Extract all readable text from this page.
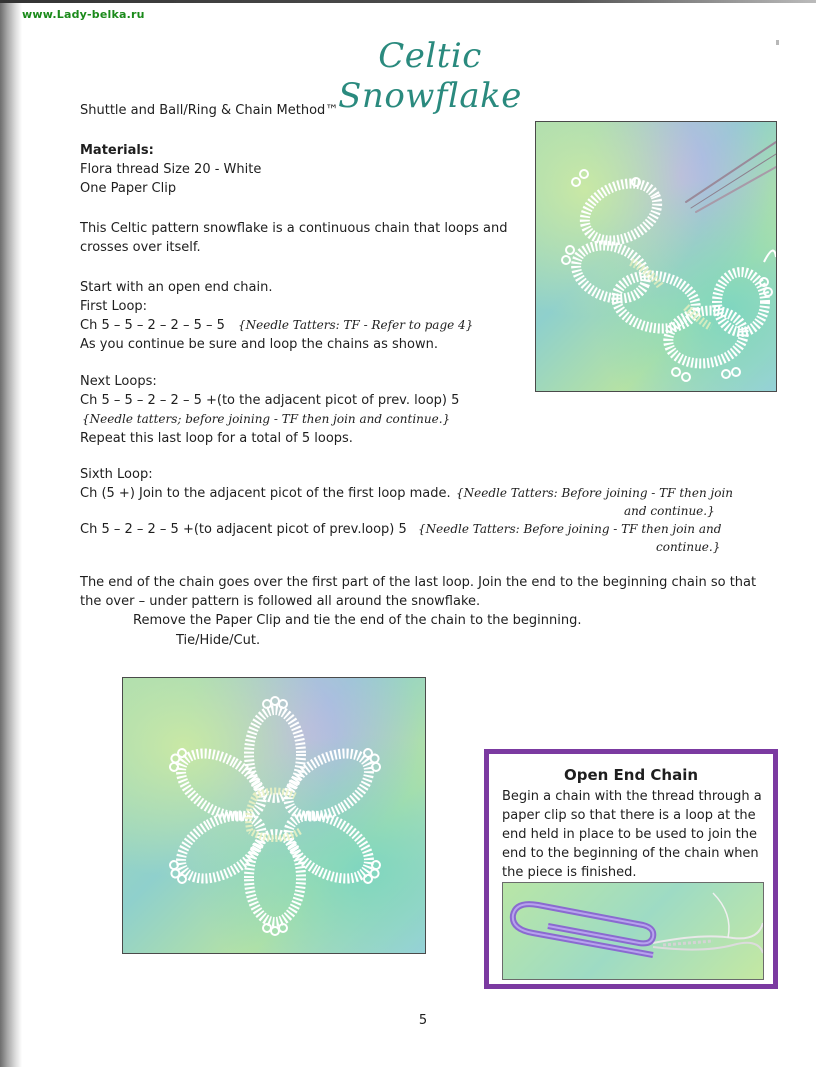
www.Lady-belka.ru
Celtic Snowflake
Shuttle and Ball/Ring & Chain Method™
Materials:
Flora thread Size 20 - White
One Paper Clip
This Celtic pattern snowflake is a continuous chain that loops and
crosses over itself.
Start with an open end chain.
First Loop:
Ch 5 – 5 – 2 – 2 – 5 – 5 {Needle Tatters: TF - Refer to page 4}
As you continue be sure and loop the chains as shown.
Next Loops:
Ch 5 – 5 – 2 – 2 – 5 +(to the adjacent picot of prev. loop) 5
{Needle tatters; before joining - TF then join and continue.}
Repeat this last loop for a total of 5 loops.
Sixth Loop:
Ch (5 +) Join to the adjacent picot of the first loop made. {Needle Tatters: Before joining - TF then join
and continue.}
Ch 5 – 2 – 2 – 5 +(to adjacent picot of prev.loop) 5 {Needle Tatters: Before joining - TF then join and
continue.}
The end of the chain goes over the first part of the last loop. Join the end to the beginning chain so that
the over – under pattern is followed all around the snowflake.
Remove the Paper Clip and tie the end of the chain to the beginning.
Tie/Hide/Cut.
Open End Chain
Begin a chain with the thread through a
paper clip so that there is a loop at the
end held in place to be used to join the
end to the beginning of the chain when
the piece is finished.
5
